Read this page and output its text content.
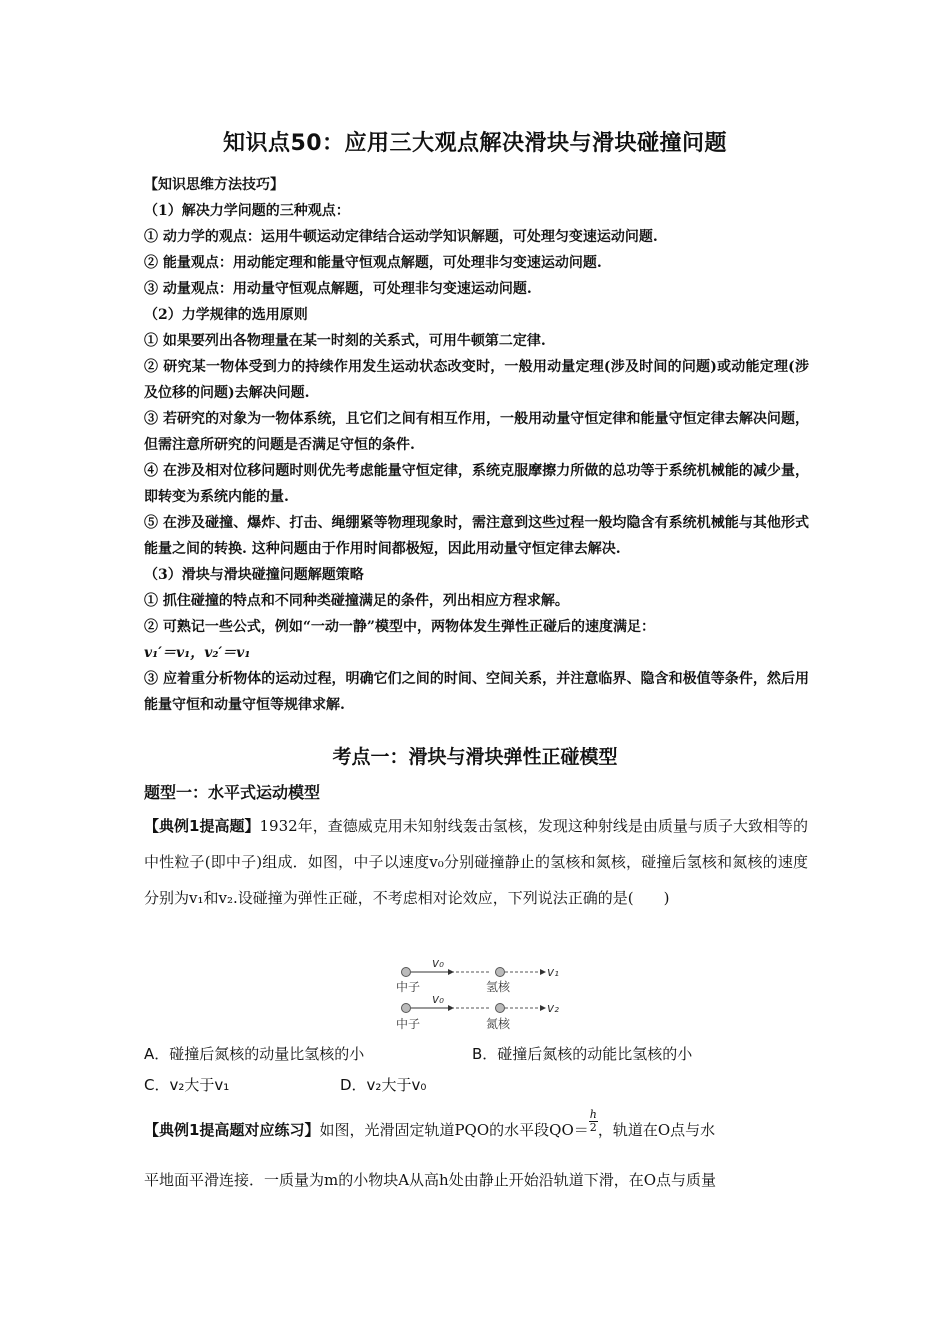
知识点50：应用三大观点解决滑块与滑块碰撞问题
【知识思维方法技巧】
（1）解决力学问题的三种观点：
① 动力学的观点：运用牛顿运动定律结合运动学知识解题，可处理匀变速运动问题.
② 能量观点：用动能定理和能量守恒观点解题，可处理非匀变速运动问题.
③ 动量观点：用动量守恒观点解题，可处理非匀变速运动问题.
（2）力学规律的选用原则
① 如果要列出各物理量在某一时刻的关系式，可用牛顿第二定律.
② 研究某一物体受到力的持续作用发生运动状态改变时，一般用动量定理(涉及时间的问题)或动能定理(涉及位移的问题)去解决问题.
③ 若研究的对象为一物体系统，且它们之间有相互作用，一般用动量守恒定律和能量守恒定律去解决问题，但需注意所研究的问题是否满足守恒的条件.
④ 在涉及相对位移问题时则优先考虑能量守恒定律，系统克服摩擦力所做的总功等于系统机械能的减少量，即转变为系统内能的量.
⑤ 在涉及碰撞、爆炸、打击、绳绷紧等物理现象时，需注意到这些过程一般均隐含有系统机械能与其他形式能量之间的转换. 这种问题由于作用时间都极短，因此用动量守恒定律去解决.
（3）滑块与滑块碰撞问题解题策略
① 抓住碰撞的特点和不同种类碰撞满足的条件，列出相应方程求解。
② 可熟记一些公式，例如“一动一静”模型中，两物体发生弹性正碰后的速度满足：
v₁′＝v₁，v₂′＝v₁
③ 应着重分析物体的运动过程，明确它们之间的时间、空间关系，并注意临界、隐含和极值等条件，然后用能量守恒和动量守恒等规律求解.
考点一：滑块与滑块弹性正碰模型
题型一：水平式运动模型
【典例1提高题】1932年，查德威克用未知射线轰击氢核，发现这种射线是由质量与质子大致相等的中性粒子(即中子)组成．如图，中子以速度v₀分别碰撞静止的氢核和氮核，碰撞后氢核和氮核的速度分别为v₁和v₂.设碰撞为弹性正碰，不考虑相对论效应，下列说法正确的是(　　)
v₀
v₁
中子	氢核
v₀
v₂
中子	氮核
A．碰撞后氮核的动量比氢核的小	B．碰撞后氮核的动能比氢核的小
C．v₂大于v₁	D．v₂大于v₀
【典例1提高题对应练习】如图，光滑固定轨道PQO的水平段$QO= \frac{h}{2}$ ，轨道在O点与水
平地面平滑连接．一质量为m的小物块A从高h处由静止开始沿轨道下滑，在O点与质量
